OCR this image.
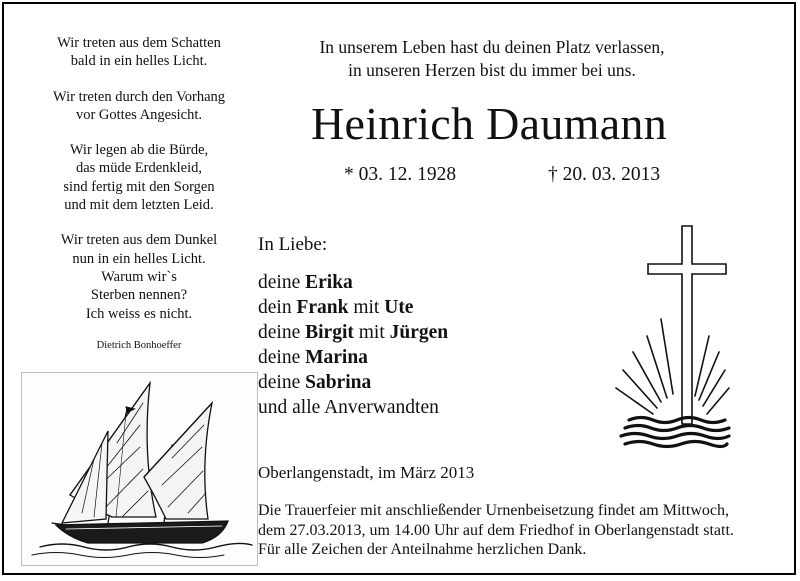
Wir treten aus dem Schatten
bald in ein helles Licht.
Wir treten durch den Vorhang
vor Gottes Angesicht.
Wir legen ab die Bürde,
das müde Erdenkleid,
sind fertig mit den Sorgen
und mit dem letzten Leid.
Wir treten aus dem Dunkel
nun in ein helles Licht.
Warum wir`s
Sterben nennen?
Ich weiss es nicht.
Dietrich Bonhoeffer
In unserem Leben hast du deinen Platz verlassen,
in unseren Herzen bist du immer bei uns.
Heinrich Daumann
* 03. 12. 1928	† 20. 03. 2013
In Liebe:
deine Erika
dein Frank mit Ute
deine Birgit mit Jürgen
deine Marina
deine Sabrina
und alle Anverwandten
Oberlangenstadt, im März 2013
Die Trauerfeier mit anschließender Urnenbeisetzung findet am Mittwoch,
dem 27.03.2013, um 14.00 Uhr auf dem Friedhof in Oberlangenstadt statt.
Für alle Zeichen der Anteilnahme herzlichen Dank.
